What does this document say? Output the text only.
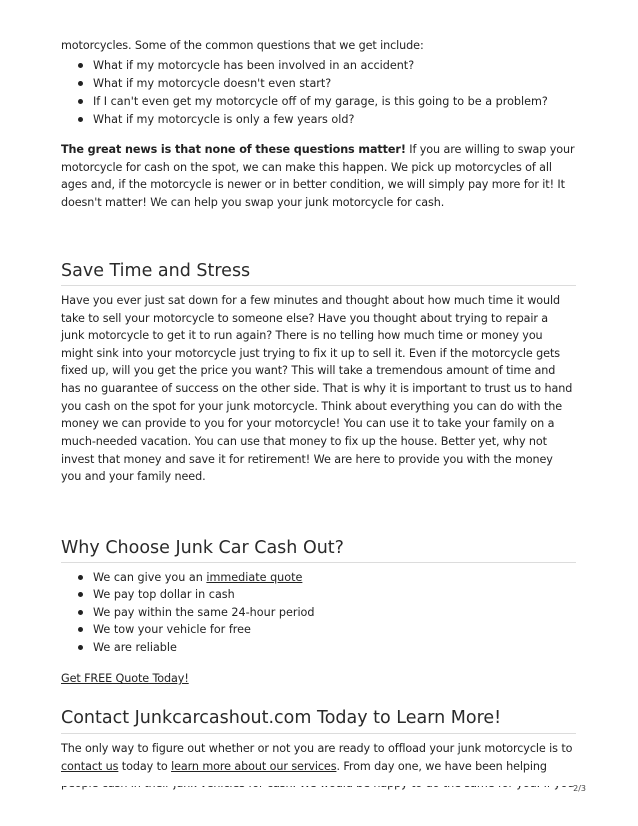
motorcycles. Some of the common questions that we get include:
What if my motorcycle has been involved in an accident?
What if my motorcycle doesn't even start?
If I can't even get my motorcycle off of my garage, is this going to be a problem?
What if my motorcycle is only a few years old?
The great news is that none of these questions matter! If you are willing to swap your
motorcycle for cash on the spot, we can make this happen. We pick up motorcycles of all
ages and, if the motorcycle is newer or in better condition, we will simply pay more for it! It
doesn't matter! We can help you swap your junk motorcycle for cash.
Save Time and Stress
Have you ever just sat down for a few minutes and thought about how much time it would
take to sell your motorcycle to someone else? Have you thought about trying to repair a
junk motorcycle to get it to run again? There is no telling how much time or money you
might sink into your motorcycle just trying to fix it up to sell it. Even if the motorcycle gets
fixed up, will you get the price you want? This will take a tremendous amount of time and
has no guarantee of success on the other side. That is why it is important to trust us to hand
you cash on the spot for your junk motorcycle. Think about everything you can do with the
money we can provide to you for your motorcycle! You can use it to take your family on a
much-needed vacation. You can use that money to fix up the house. Better yet, why not
invest that money and save it for retirement! We are here to provide you with the money
you and your family need.
Why Choose Junk Car Cash Out?
We can give you an immediate quote
We pay top dollar in cash
We pay within the same 24-hour period
We tow your vehicle for free
We are reliable
Get FREE Quote Today!
Contact Junkcarcashout.com Today to Learn More!
The only way to figure out whether or not you are ready to offload your junk motorcycle is to
contact us today to learn more about our services. From day one, we have been helping
2/3
